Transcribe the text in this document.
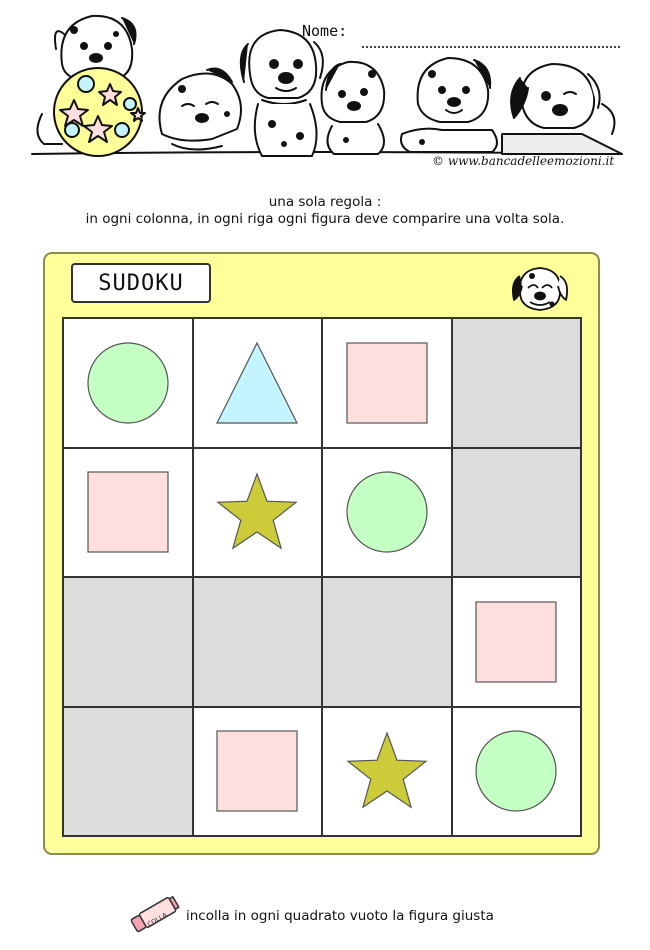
Nome:
© www.bancadelleemozioni.it
una sola regola :
in ogni colonna, in ogni riga ogni figura deve comparire una volta sola.
SUDOKU
COLLA incolla in ogni quadrato vuoto la figura giusta
